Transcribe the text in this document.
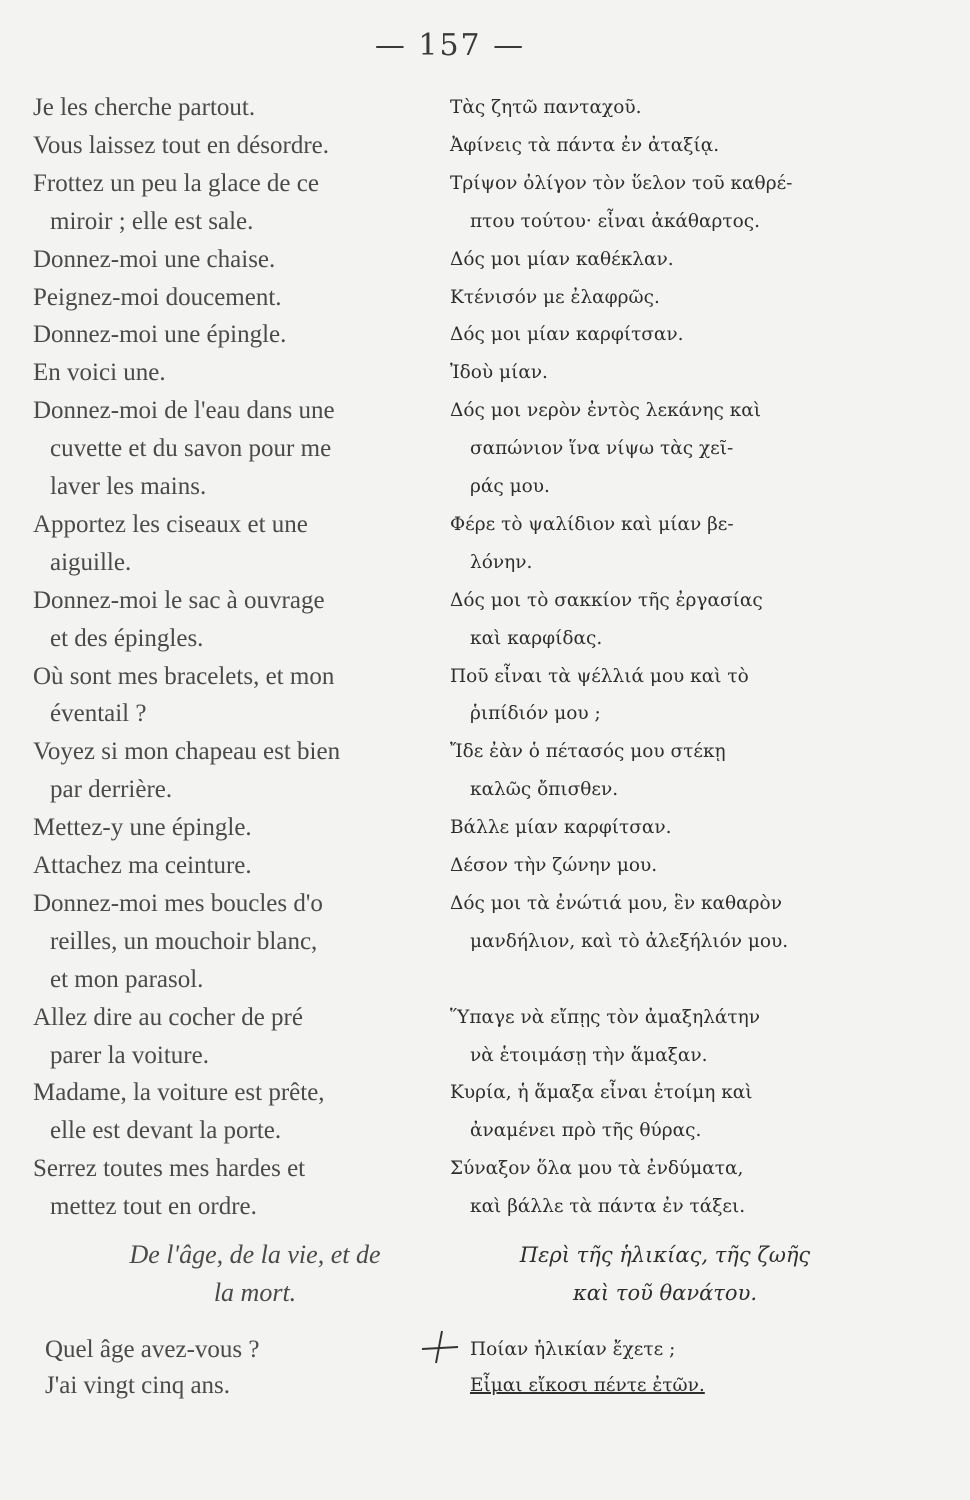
— 157 —
Je les cherche partout.	Τὰς ζητῶ πανταχοῦ.
Vous laissez tout en désordre.	Ἀφίνεις τὰ πάντα ἐν ἀταξίᾳ.
Frottez un peu la glace de ce	Τρίψον ὀλίγον τὸν ὕελον τοῦ καθρέ-
miroir ; elle est sale.	πτου τούτου· εἶναι ἀκάθαρτος.
Donnez-moi une chaise.	Δός μοι μίαν καθέκλαν.
Peignez-moi doucement.	Κτένισόν με ἐλαφρῶς.
Donnez-moi une épingle.	Δός μοι μίαν καρφίτσαν.
En voici une.	Ἰδοὺ μίαν.
Donnez-moi de l'eau dans une	Δός μοι νερὸν ἐντὸς λεκάνης καὶ
cuvette et du savon pour me	σαπώνιον ἵνα νίψω τὰς χεῖ-
laver les mains.	ράς μου.
Apportez les ciseaux et une	Φέρε τὸ ψαλίδιον καὶ μίαν βε-
aiguille.	λόνην.
Donnez-moi le sac à ouvrage	Δός μοι τὸ σακκίον τῆς ἐργασίας
et des épingles.	καὶ καρφίδας.
Où sont mes bracelets, et mon	Ποῦ εἶναι τὰ ψέλλιά μου καὶ τὸ
éventail ?	ῥιπίδιόν μου ;
Voyez si mon chapeau est bien	Ἴδε ἐὰν ὁ πέτασός μου στέκῃ
par derrière.	καλῶς ὄπισθεν.
Mettez-y une épingle.	Βάλλε μίαν καρφίτσαν.
Attachez ma ceinture.	Δέσον τὴν ζώνην μου.
Donnez-moi mes boucles d'o	Δός μοι τὰ ἐνώτιά μου, ἓν καθαρὸν
reilles, un mouchoir blanc,	μανδήλιον, καὶ τὸ ἀλεξήλιόν μου.
et mon parasol.
Allez dire au cocher de pré	Ὕπαγε νὰ εἴπῃς τὸν ἀμαξηλάτην
parer la voiture.	νὰ ἑτοιμάσῃ τὴν ἅμαξαν.
Madame, la voiture est prête,	Κυρία, ἡ ἅμαξα εἶναι ἑτοίμη καὶ
elle est devant la porte.	ἀναμένει πρὸ τῆς θύρας.
Serrez toutes mes hardes et	Σύναξον ὅλα μου τὰ ἐνδύματα,
mettez tout en ordre.	καὶ βάλλε τὰ πάντα ἐν τάξει.
De l'âge, de la vie, et de
la mort.
Περὶ τῆς ἡλικίας, τῆς ζωῆς
καὶ τοῦ θανάτου.
Quel âge avez-vous ?	Ποίαν ἡλικίαν ἔχετε ;
J'ai vingt cinq ans.	Εἶμαι εἴκοσι πέντε ἐτῶν.
